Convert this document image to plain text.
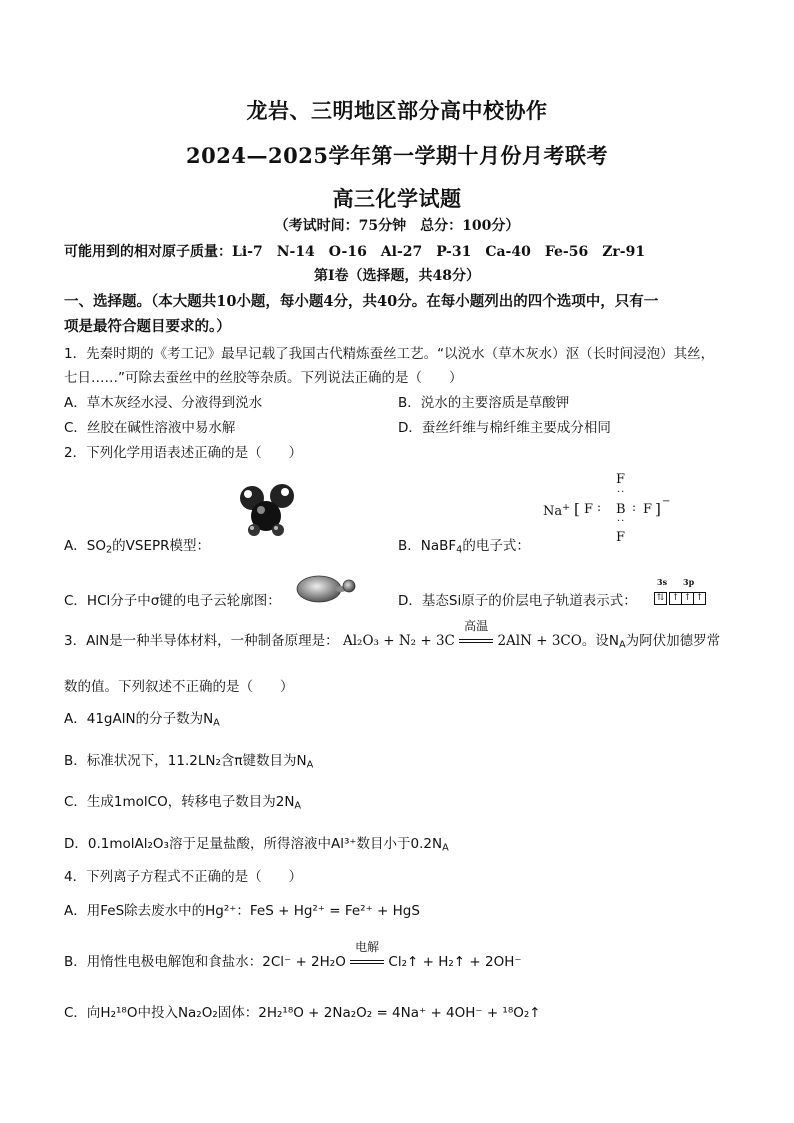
龙岩、三明地区部分高中校协作
2024—2025学年第一学期十月份月考联考
高三化学试题
（考试时间：75分钟　总分：100分）
可能用到的相对原子质量：Li-7　N-14　O-16　Al-27　P-31　Ca-40　Fe-56　Zr-91
第Ⅰ卷（选择题，共48分）
一、选择题。（本大题共10小题，每小题4分，共40分。在每小题列出的四个选项中，只有一
项是最符合题目要求的。）
1．先秦时期的《考工记》最早记载了我国古代精炼蚕丝工艺。“以涚水（草木灰水）沤（长时间浸泡）其丝，
七日……”可除去蚕丝中的丝胶等杂质。下列说法正确的是（　　）
A．草木灰经水浸、分液得到涚水	B．涚水的主要溶质是草酸钾
C．丝胶在碱性溶液中易水解	D．蚕丝纤维与棉纤维主要成分相同
2．下列化学用语表述正确的是（　　）
A．$SO_2$的VSEPR模型：	B．NaBF$_4$的电子式：
F
··
Na+ [ F : B : F ] −
··
F
C．HCl分子中σ键的电子云轮廓图：	D．基态Si原子的价层电子轨道表示式：
3s 3p
⇅ ↑ ↑ ↑
3．AlN是一种半导体材料，一种制备原理是： Al₂O₃ + N₂ + 3C
高温
2AlN + 3CO。设$N_A$为阿伏加德罗常
数的值。下列叙述不正确的是（　　）
A．41gAlN的分子数为$N_A$
B．标准状况下，11.2LN₂含π键数目为$N_A$
C．生成1molCO，转移电子数目为$2N_A$
D．0.1molAl₂O₃溶于足量盐酸，所得溶液中Al³⁺数目小于$0.2N_A$
4．下列离子方程式不正确的是（　　）
A．用FeS除去废水中的Hg²⁺：FeS + Hg²⁺ = Fe²⁺ + HgS
B．用惰性电极电解饱和食盐水：2Cl⁻ + 2H₂O
电解
Cl₂↑ + H₂↑ + 2OH⁻
C．向H₂¹⁸O中投入Na₂O₂固体：2H₂¹⁸O + 2Na₂O₂ = 4Na⁺ + 4OH⁻ + ¹⁸O₂↑
